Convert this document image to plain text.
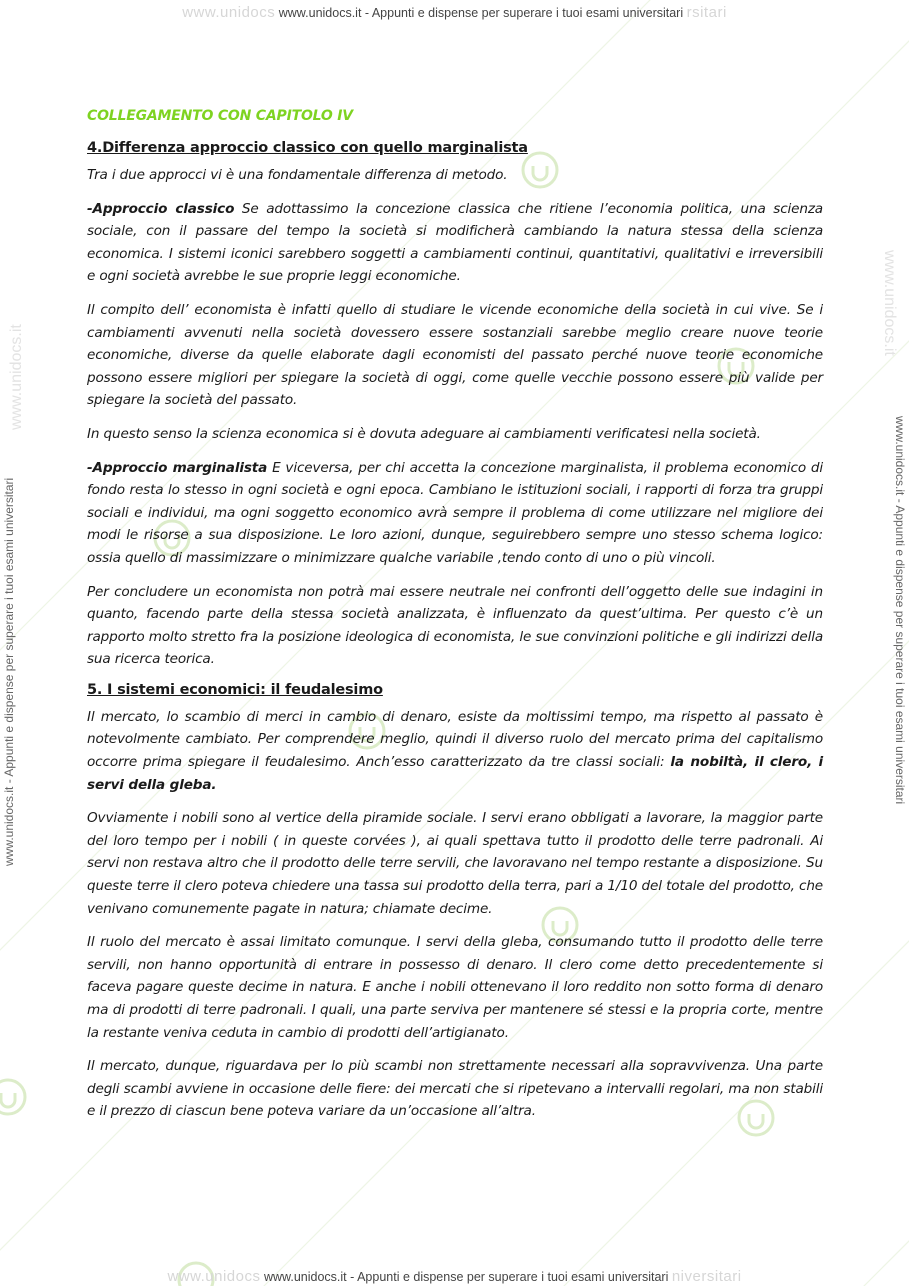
www.unidocs www.unidocs.it - Appunti e dispense per superare i tuoi esami universitari rsitari
www.unidocs.it
www.unidocs.it
www.unidocs.it - Appunti e dispense per superare i tuoi esami universitari	www.unidocs.it - Appunti e dispense per superare i tuoi esami universitari
COLLEGAMENTO CON CAPITOLO IV
4.Differenza approccio classico con quello marginalista

Tra i due approcci vi è una fondamentale differenza di metodo.

-Approccio classico Se adottassimo la concezione classica che ritiene l’economia politica, una scienza sociale, con il passare del tempo la società si modificherà cambiando la natura stessa della scienza economica. I sistemi iconici sarebbero soggetti a cambiamenti continui, quantitativi, qualitativi e irreversibili e ogni società avrebbe le sue proprie leggi economiche.

Il compito dell’ economista è infatti quello di studiare le vicende economiche della società in cui vive. Se i cambiamenti avvenuti nella società dovessero essere sostanziali sarebbe meglio creare nuove teorie economiche, diverse da quelle elaborate dagli economisti del passato perché nuove teorie economiche possono essere migliori per spiegare la società di oggi, come quelle vecchie possono essere più valide per spiegare la società del passato.

In questo senso la scienza economica si è dovuta adeguare ai cambiamenti verificatesi nella società.

-Approccio marginalista E viceversa, per chi accetta la concezione marginalista, il problema economico di fondo resta lo stesso in ogni società e ogni epoca. Cambiano le istituzioni sociali, i rapporti di forza tra gruppi sociali e individui, ma ogni soggetto economico avrà sempre il problema di come utilizzare nel migliore dei modi le risorse a sua disposizione. Le loro azioni, dunque, seguirebbero sempre uno stesso schema logico: ossia quello di massimizzare o minimizzare qualche variabile ,tendo conto di uno o più vincoli.

Per concludere un economista non potrà mai essere neutrale nei confronti dell’oggetto delle sue indagini in quanto, facendo parte della stessa società analizzata, è influenzato da quest’ultima. Per questo c’è un rapporto molto stretto fra la posizione ideologica di economista, le sue convinzioni politiche e gli indirizzi della sua ricerca teorica.

5. I sistemi economici: il feudalesimo

Il mercato, lo scambio di merci in cambio di denaro, esiste da moltissimi tempo, ma rispetto al passato è notevolmente cambiato. Per comprendere meglio, quindi il diverso ruolo del mercato prima del capitalismo occorre prima spiegare il feudalesimo. Anch’esso caratterizzato da tre classi sociali: la nobiltà, il clero, i servi della gleba.

Ovviamente i nobili sono al vertice della piramide sociale. I servi erano obbligati a lavorare, la maggior parte del loro tempo per i nobili ( in queste corvées ), ai quali spettava tutto il prodotto delle terre padronali. Ai servi non restava altro che il prodotto delle terre servili, che lavoravano nel tempo restante a disposizione. Su queste terre il clero poteva chiedere una tassa sui prodotto della terra, pari a 1/10 del totale del prodotto, che venivano comunemente pagate in natura; chiamate decime.

Il ruolo del mercato è assai limitato comunque. I servi della gleba, consumando tutto il prodotto delle terre servili, non hanno opportunità di entrare in possesso di denaro. Il clero come detto precedentemente si faceva pagare queste decime in natura. E anche i nobili ottenevano il loro reddito non sotto forma di denaro ma di prodotti di terre padronali. I quali, una parte serviva per mantenere sé stessi e la propria corte, mentre la restante veniva ceduta in cambio di prodotti dell’artigianato.

Il mercato, dunque, riguardava per lo più scambi non strettamente necessari alla sopravvivenza. Una parte degli scambi avviene in occasione delle fiere: dei mercati che si ripetevano a intervalli regolari, ma non stabili e il prezzo di ciascun bene poteva variare da un’occasione all’altra.

www.unidocs www.unidocs.it - Appunti e dispense per superare i tuoi esami universitari niversitari
